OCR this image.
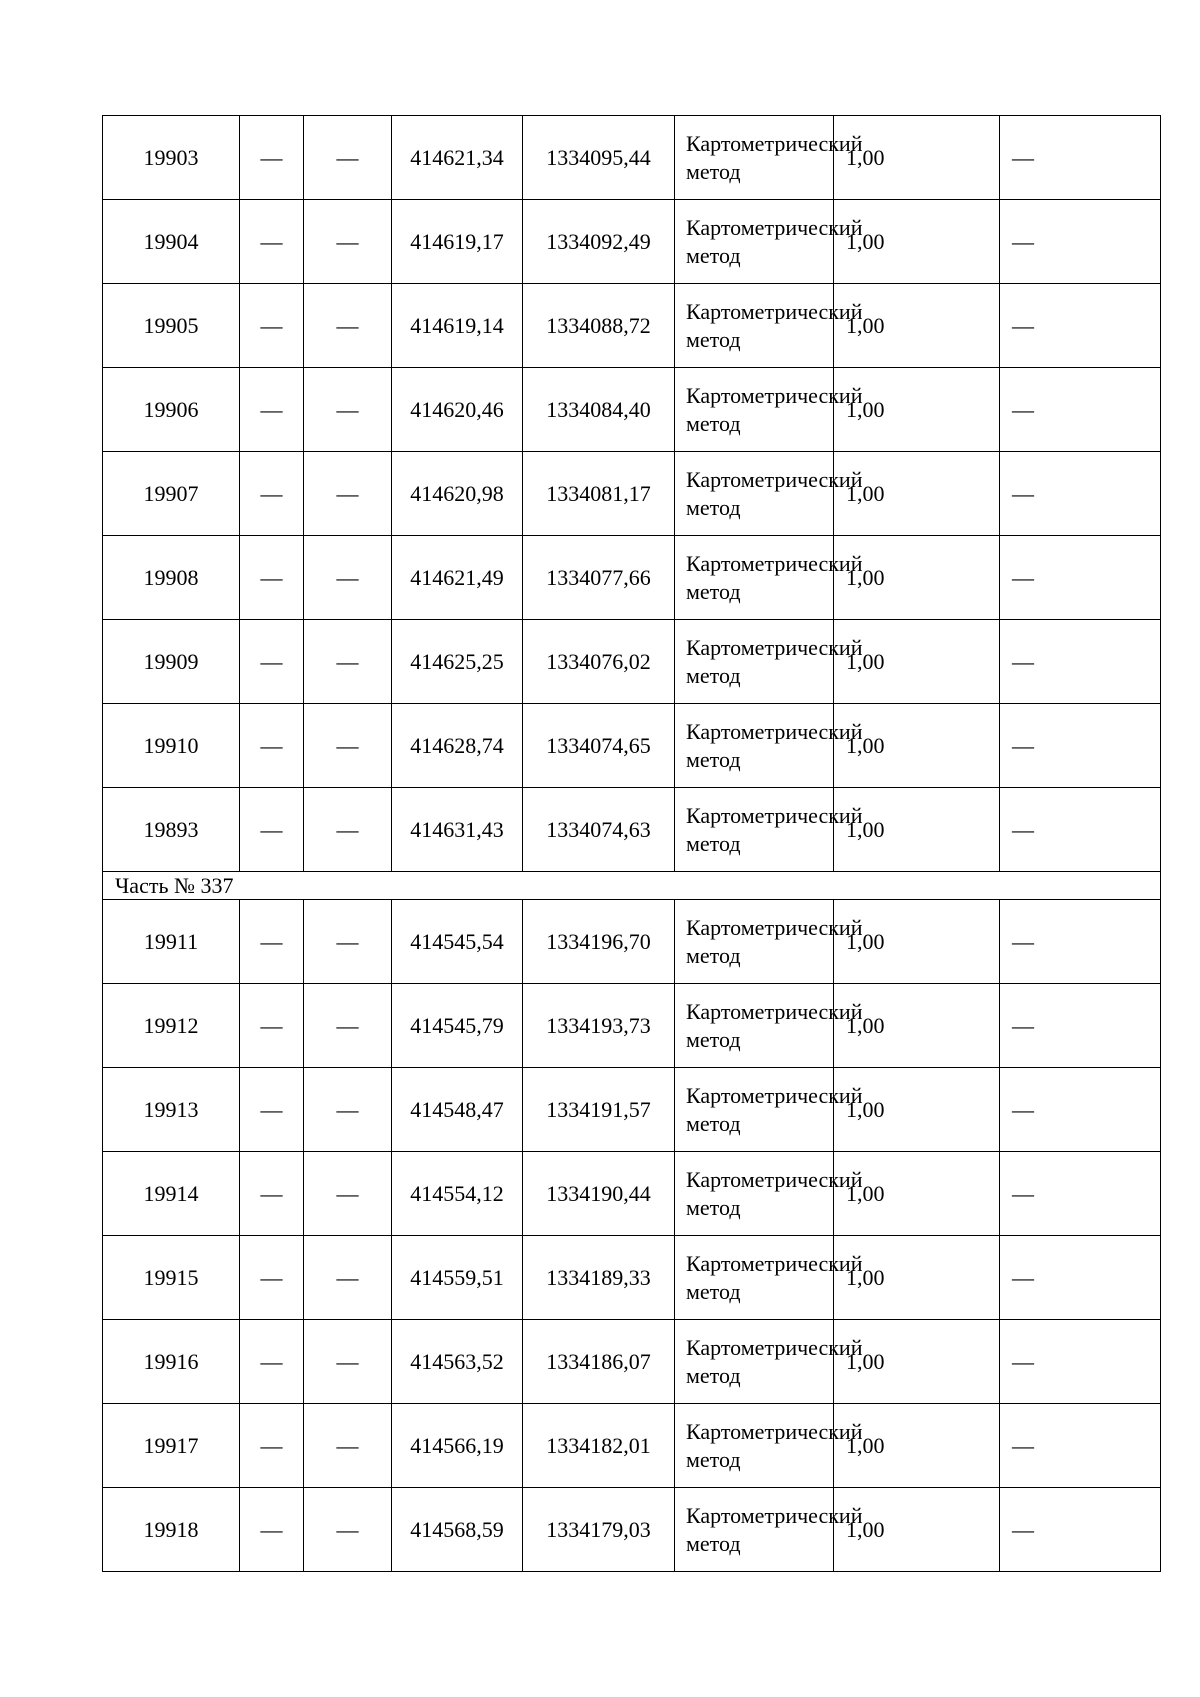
19903	—	—	414621,34	1334095,44	Картометрический метод	1,00	—
19904	—	—	414619,17	1334092,49	Картометрический метод	1,00	—
19905	—	—	414619,14	1334088,72	Картометрический метод	1,00	—
19906	—	—	414620,46	1334084,40	Картометрический метод	1,00	—
19907	—	—	414620,98	1334081,17	Картометрический метод	1,00	—
19908	—	—	414621,49	1334077,66	Картометрический метод	1,00	—
19909	—	—	414625,25	1334076,02	Картометрический метод	1,00	—
19910	—	—	414628,74	1334074,65	Картометрический метод	1,00	—
19893	—	—	414631,43	1334074,63	Картометрический метод	1,00	—
Часть № 337							
19911	—	—	414545,54	1334196,70	Картометрический метод	1,00	—
19912	—	—	414545,79	1334193,73	Картометрический метод	1,00	—
19913	—	—	414548,47	1334191,57	Картометрический метод	1,00	—
19914	—	—	414554,12	1334190,44	Картометрический метод	1,00	—
19915	—	—	414559,51	1334189,33	Картометрический метод	1,00	—
19916	—	—	414563,52	1334186,07	Картометрический метод	1,00	—
19917	—	—	414566,19	1334182,01	Картометрический метод	1,00	—
19918	—	—	414568,59	1334179,03	Картометрический метод	1,00	—
